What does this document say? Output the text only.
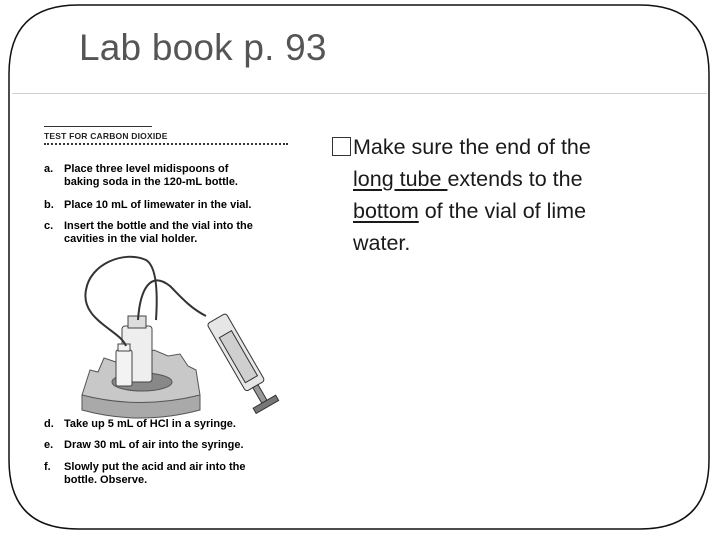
Lab book p. 93
TEST FOR CARBON DIOXIDE
a. Place three level midispoons of
baking soda in the 120-mL bottle.
b. Place 10 mL of limewater in the vial.
c. Insert the bottle and the vial into the
cavities in the vial holder.
d. Take up 5 mL of HCl in a syringe.
e. Draw 30 mL of air into the syringe.
f. Slowly put the acid and air into the
bottle. Observe.
Make sure the end of the
long tube extends to the
bottom of the vial of lime
water.
